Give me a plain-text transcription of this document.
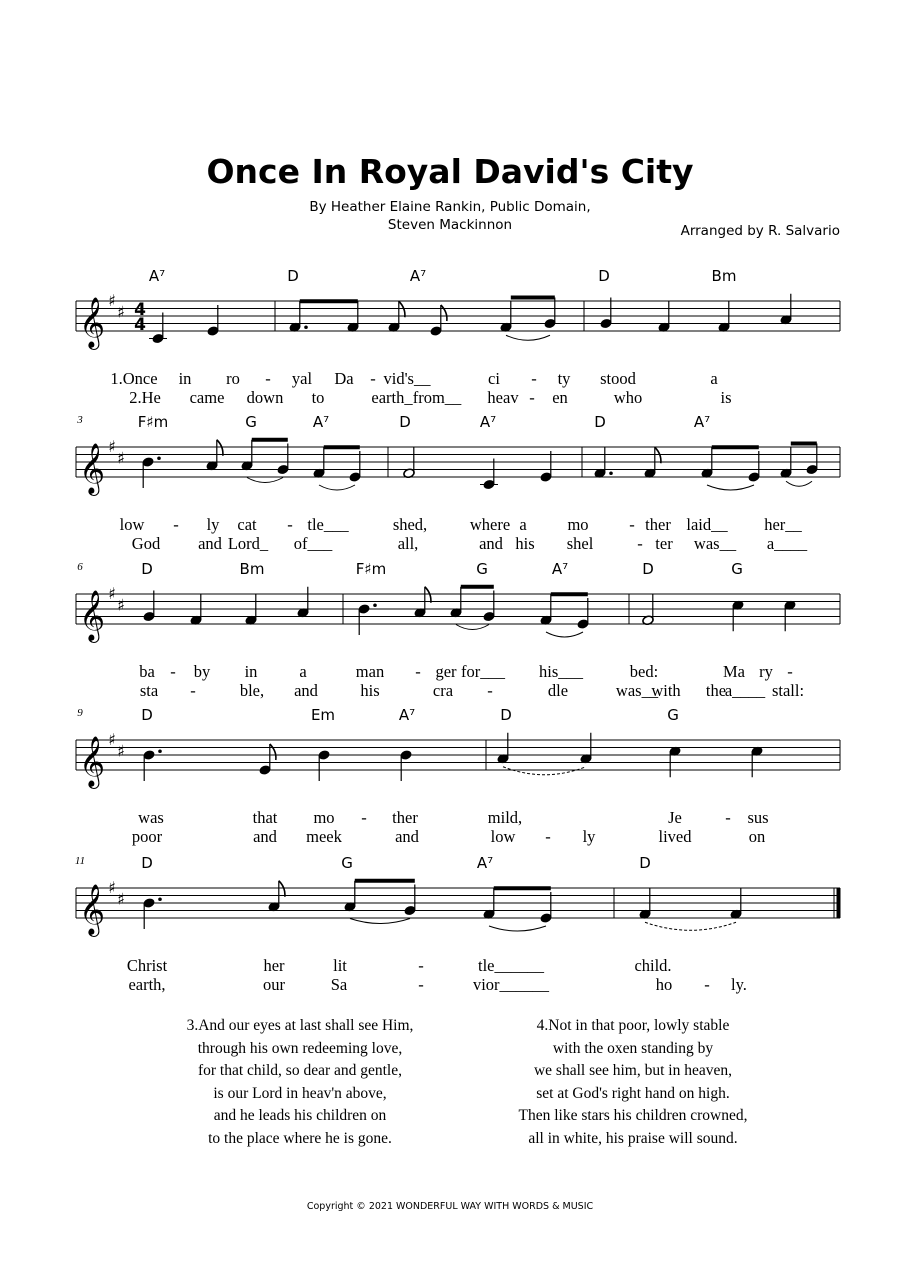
Once In Royal David's City
By Heather Elaine Rankin, Public Domain,
Steven Mackinnon	Arranged by R. Salvario
𝄞 ♯
♯ 4
4
A⁷	D	A⁷	D	Bm
1.Once in ro - yal Da - vid's__	ci - ty stood	a
2.He came down to	earth_ from__ heav - en	who	is
𝄞 ♯
♯
3	F♯m	G	A⁷	D	A⁷	D	A⁷
low - ly cat - tle___	shed,	where a mo - ther laid__ her__
God and Lord_ of___	all,	and his shel	- ter was__ a____
𝄞 ♯
♯
6	D	Bm	F♯m	G	A⁷	D	G
ba - by in	a	man - ger for___ his___	bed:	Ma	-
ry
sta -	ble, and	his	cra -	dle	was__	a____ stall:
with the
𝄞 ♯
♯
9	D	Em	A⁷	D	G
was	that mo - ther	mild,	Je	- sus
poor	and meek	and	low - ly	lived	on
𝄞 ♯
♯
11	D	G	A⁷	D
Christ	her	lit	-	tle______	child.
earth,	our	Sa	-	vior______	ho - ly.
3.And our eyes at last shall see Him,
through his own redeeming love,
for that child, so dear and gentle,
is our Lord in heav'n above,
and he leads his children on
to the place where he is gone.
4.Not in that poor, lowly stable
with the oxen standing by
we shall see him, but in heaven,
set at God's right hand on high.
Then like stars his children crowned,
all in white, his praise will sound.
Copyright © 2021 WONDERFUL WAY WITH WORDS & MUSIC
